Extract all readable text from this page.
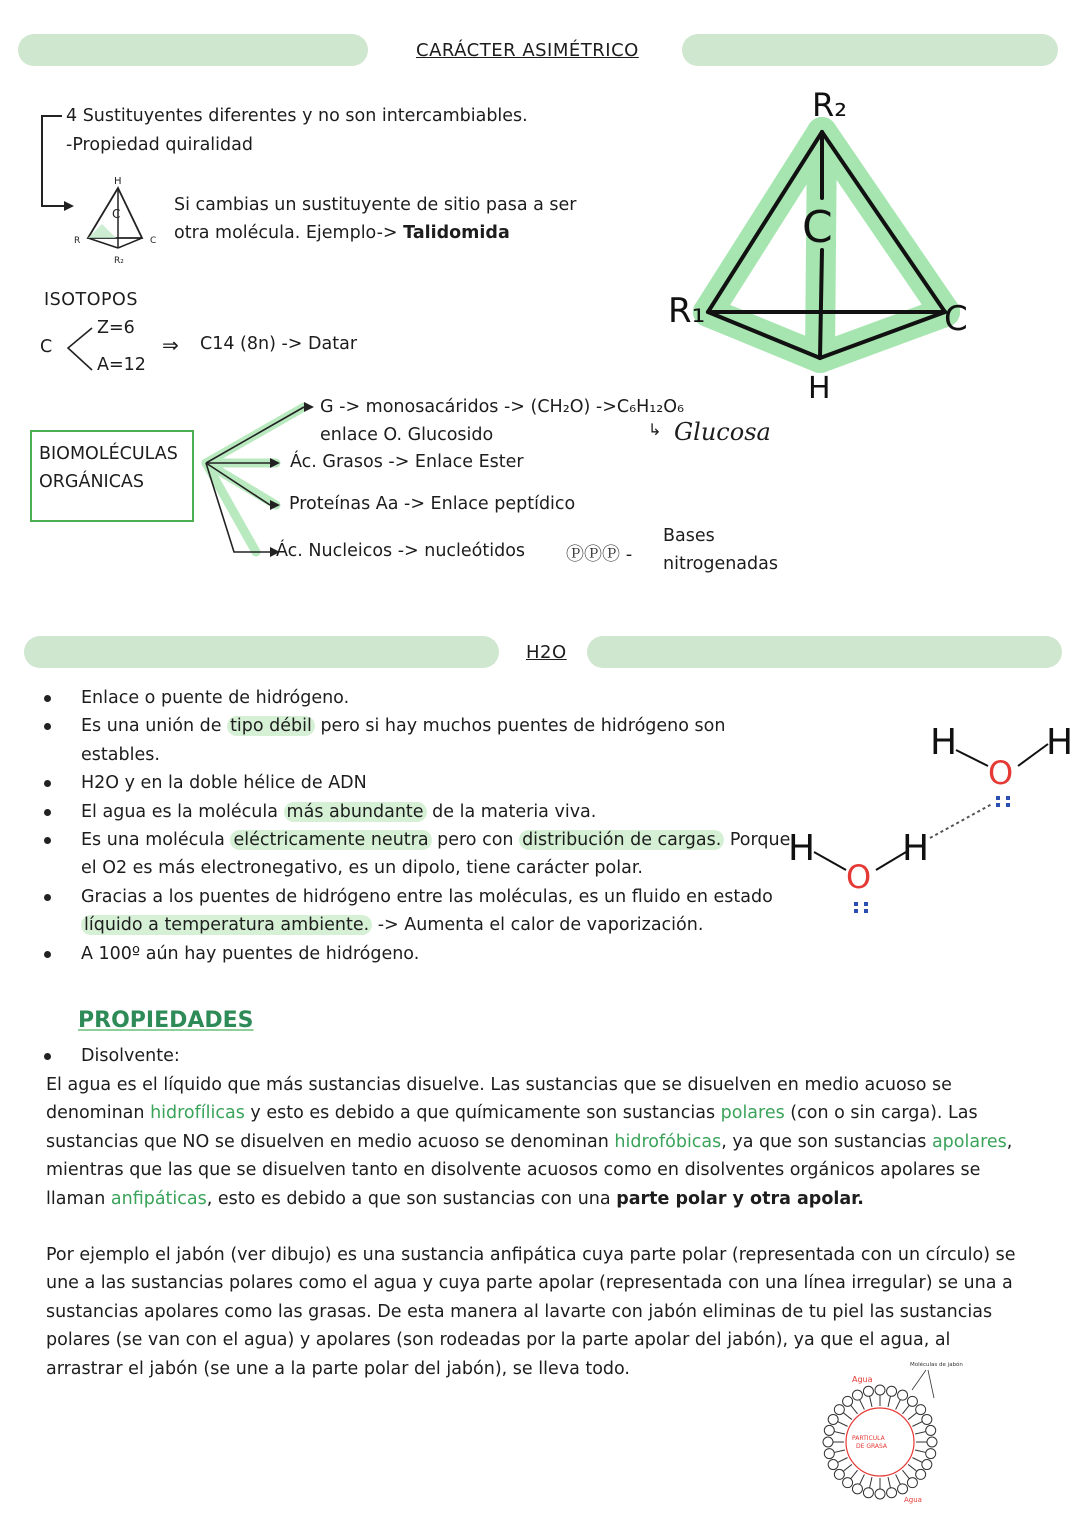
CARÁCTER ASIMÉTRICO
4 Sustituyentes diferentes y no son intercambiables.
-Propiedad quiralidad
H
C
R	C
R₂
Si cambias un sustituyente de sitio pasa a ser
otra molécula. Ejemplo-> Talidomida
R₂
C
R₁	C
H
ISOTOPOS
C
Z=6
A=12
⇒ C14 (8n) -> Datar
BIOMOLÉCULAS
ORGÁNICAS
G -> monosacáridos -> (CH₂O) ->C₆H₁₂O₆
enlace O. Glucosido	↳ Glucosa
Ác. Grasos -> Enlace Ester
Proteínas Aa -> Enlace peptídico
Ác. Nucleicos -> nucleótidos ⓅⓅⓅ -
Bases
nitrogenadas
H2O
Enlace o puente de hidrógeno.
Es una unión de tipo débil pero si hay muchos puentes de hidrógeno son estables.
H2O y en la doble hélice de ADN
El agua es la molécula más abundante de la materia viva.
Es una molécula eléctricamente neutra pero con distribución de cargas. Porque el O2 es más electronegativo, es un dipolo, tiene carácter polar.
Gracias a los puentes de hidrógeno entre las moléculas, es un fluido en estado líquido a temperatura ambiente. -> Aumenta el calor de vaporización.
A 100º aún hay puentes de hidrógeno.
H H
H H
O
O
PROPIEDADES
Disolvente:
El agua es el líquido que más sustancias disuelve. Las sustancias que se disuelven en medio acuoso se denominan hidrofílicas y esto es debido a que químicamente son sustancias polares (con o sin carga). Las sustancias que NO se disuelven en medio acuoso se denominan hidrofóbicas, ya que son sustancias apolares, mientras que las que se disuelven tanto en disolvente acuosos como en disolventes orgánicos apolares se llaman anfipáticas, esto es debido a que son sustancias con una parte polar y otra apolar.
Por ejemplo el jabón (ver dibujo) es una sustancia anfipática cuya parte polar (representada con un círculo) se une a las sustancias polares como el agua y cuya parte apolar (representada con una línea irregular) se una a sustancias apolares como las grasas. De esta manera al lavarte con jabón eliminas de tu piel las sustancias polares (se van con el agua) y apolares (son rodeadas por la parte apolar del jabón), ya que el agua, al arrastrar el jabón (se une a la parte polar del jabón), se lleva todo.
PARTICULA
DE GRASA
Agua
Agua
Moléculas de jabón
